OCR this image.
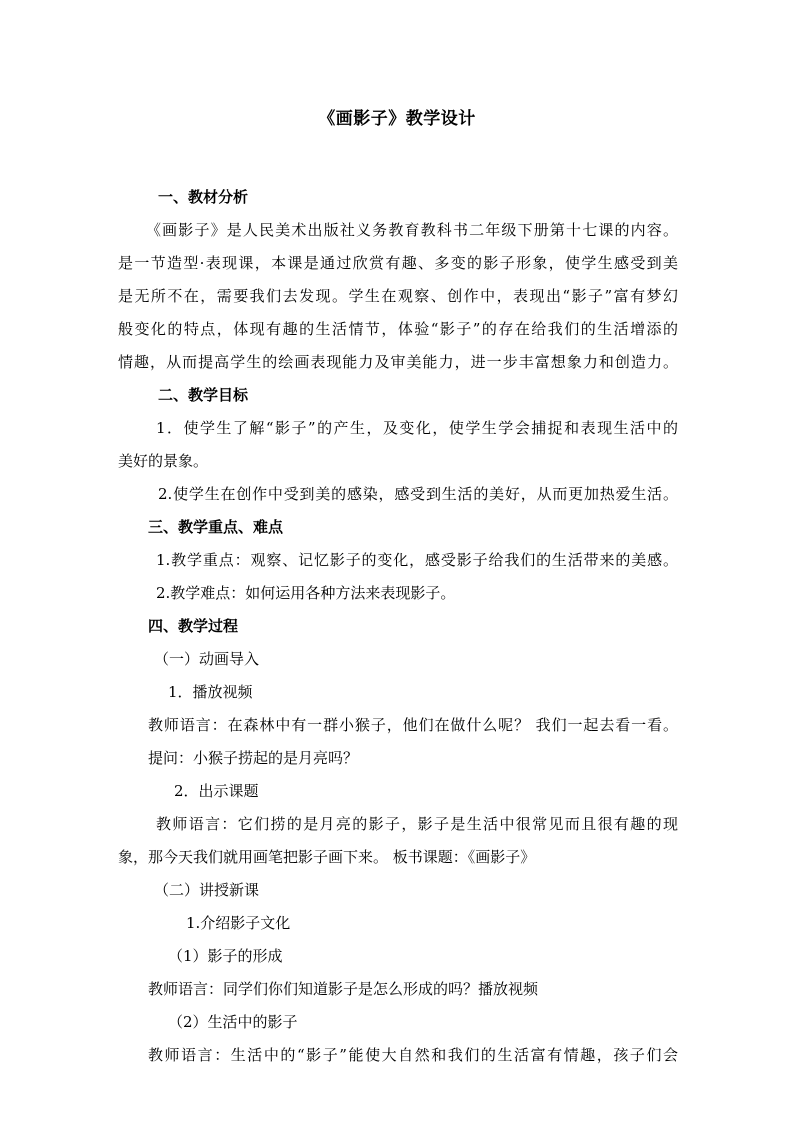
《画影子》教学设计

一、教材分析

《画影子》是人民美术出版社义务教育教科书二年级下册第十七课的内容。

是一节造型·表现课，本课是通过欣赏有趣、多变的影子形象，使学生感受到美

是无所不在，需要我们去发现。学生在观察、创作中，表现出“影子”富有梦幻

般变化的特点，体现有趣的生活情节，体验“影子”的存在给我们的生活增添的

情趣，从而提高学生的绘画表现能力及审美能力，进一步丰富想象力和创造力。

二、教学目标

1．使学生了解“影子”的产生，及变化，使学生学会捕捉和表现生活中的

美好的景象。

2.使学生在创作中受到美的感染，感受到生活的美好，从而更加热爱生活。

三、教学重点、难点

1.教学重点：观察、记忆影子的变化，感受影子给我们的生活带来的美感。

2.教学难点：如何运用各种方法来表现影子。

四、教学过程

（一）动画导入

1．播放视频

教师语言：在森林中有一群小猴子，他们在做什么呢？ 我们一起去看一看。

提问：小猴子捞起的是月亮吗？

2．出示课题

教师语言：它们捞的是月亮的影子，影子是生活中很常见而且很有趣的现

象，那今天我们就用画笔把影子画下来。 板书课题：《画影子》

（二）讲授新课

1.介绍影子文化

（1）影子的形成

教师语言：同学们你们知道影子是怎么形成的吗？播放视频

（2）生活中的影子

教师语言：生活中的“影子”能使大自然和我们的生活富有情趣，孩子们会
